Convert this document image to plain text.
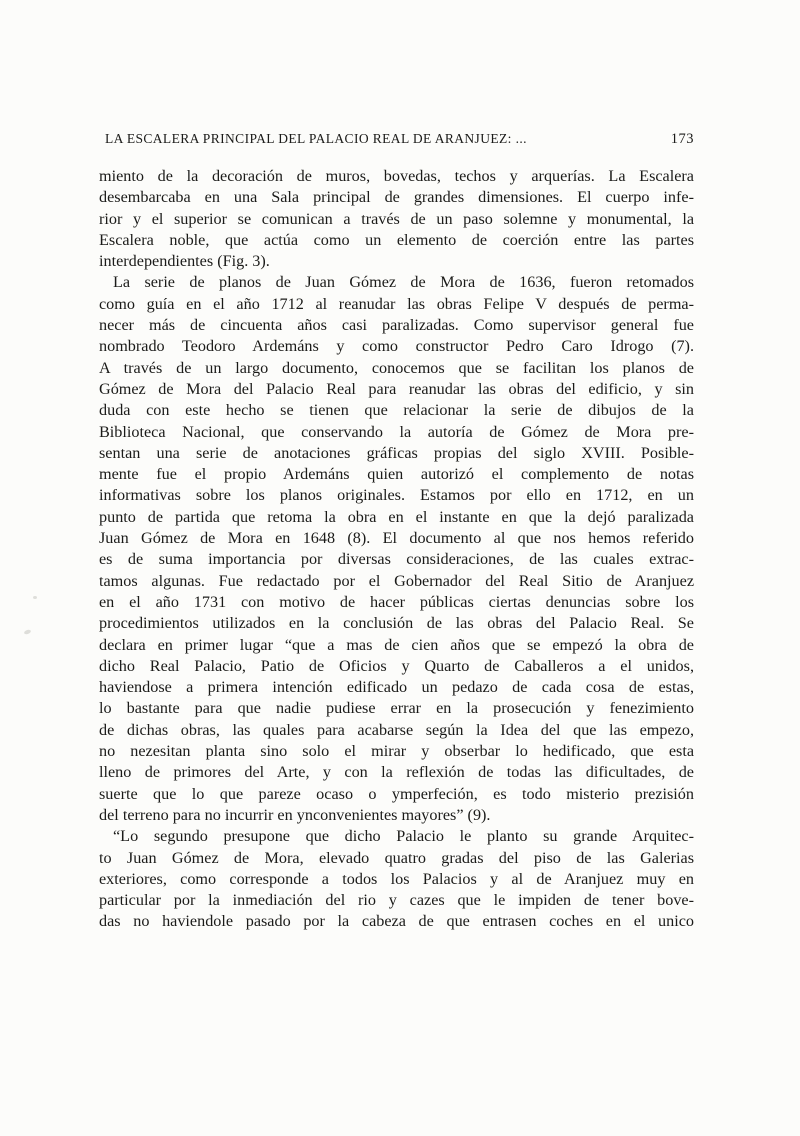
LA ESCALERA PRINCIPAL DEL PALACIO REAL DE ARANJUEZ: ...	173
miento de la decoración de muros, bovedas, techos y arquerías. La Escalera
desembarcaba en una Sala principal de grandes dimensiones. El cuerpo infe-
rior y el superior se comunican a través de un paso solemne y monumental, la
Escalera noble, que actúa como un elemento de coerción entre las partes
interdependientes (Fig. 3).
La serie de planos de Juan Gómez de Mora de 1636, fueron retomados
como guía en el año 1712 al reanudar las obras Felipe V después de perma-
necer más de cincuenta años casi paralizadas. Como supervisor general fue
nombrado Teodoro Ardemáns y como constructor Pedro Caro Idrogo (7).
A través de un largo documento, conocemos que se facilitan los planos de
Gómez de Mora del Palacio Real para reanudar las obras del edificio, y sin
duda con este hecho se tienen que relacionar la serie de dibujos de la
Biblioteca Nacional, que conservando la autoría de Gómez de Mora pre-
sentan una serie de anotaciones gráficas propias del siglo XVIII. Posible-
mente fue el propio Ardemáns quien autorizó el complemento de notas
informativas sobre los planos originales. Estamos por ello en 1712, en un
punto de partida que retoma la obra en el instante en que la dejó paralizada
Juan Gómez de Mora en 1648 (8). El documento al que nos hemos referido
es de suma importancia por diversas consideraciones, de las cuales extrac-
tamos algunas. Fue redactado por el Gobernador del Real Sitio de Aranjuez
en el año 1731 con motivo de hacer públicas ciertas denuncias sobre los
procedimientos utilizados en la conclusión de las obras del Palacio Real. Se
declara en primer lugar “que a mas de cien años que se empezó la obra de
dicho Real Palacio, Patio de Oficios y Quarto de Caballeros a el unidos,
haviendose a primera intención edificado un pedazo de cada cosa de estas,
lo bastante para que nadie pudiese errar en la prosecución y fenezimiento
de dichas obras, las quales para acabarse según la Idea del que las empezo,
no nezesitan planta sino solo el mirar y obserbar lo hedificado, que esta
lleno de primores del Arte, y con la reflexión de todas las dificultades, de
suerte que lo que pareze ocaso o ymperfeción, es todo misterio prezisión
del terreno para no incurrir en ynconvenientes mayores” (9).
“Lo segundo presupone que dicho Palacio le planto su grande Arquitec-
to Juan Gómez de Mora, elevado quatro gradas del piso de las Galerias
exteriores, como corresponde a todos los Palacios y al de Aranjuez muy en
particular por la inmediación del rio y cazes que le impiden de tener bove-
das no haviendole pasado por la cabeza de que entrasen coches en el unico
